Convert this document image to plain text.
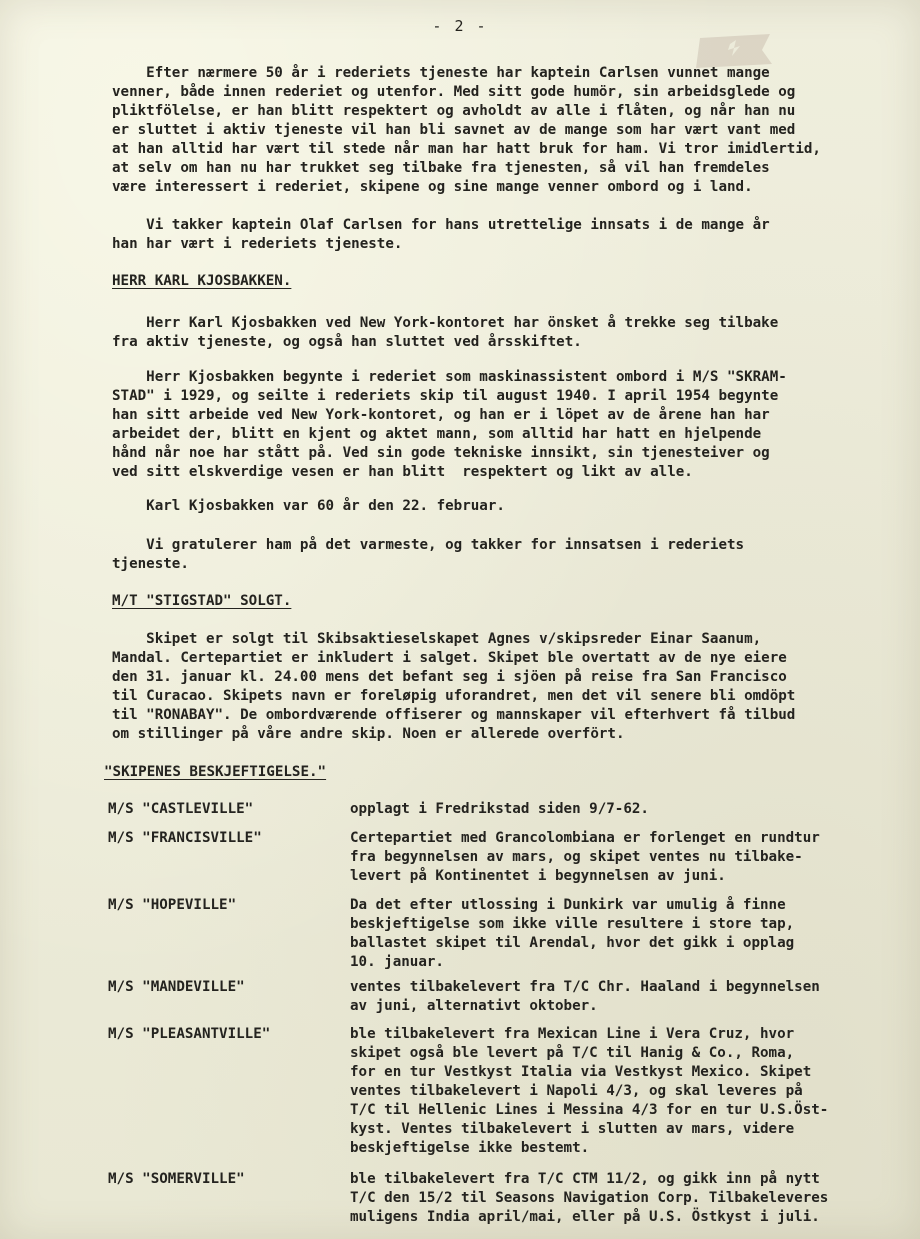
- 2 -
Efter nærmere 50 år i rederiets tjeneste har kaptein Carlsen vunnet mange
venner, både innen rederiet og utenfor. Med sitt gode humör, sin arbeidsglede og
pliktfölelse, er han blitt respektert og avholdt av alle i flåten, og når han nu
er sluttet i aktiv tjeneste vil han bli savnet av de mange som har vært vant med
at han alltid har vært til stede når man har hatt bruk for ham. Vi tror imidlertid,
at selv om han nu har trukket seg tilbake fra tjenesten, så vil han fremdeles
være interessert i rederiet, skipene og sine mange venner ombord og i land.
Vi takker kaptein Olaf Carlsen for hans utrettelige innsats i de mange år
han har vært i rederiets tjeneste.
HERR KARL KJOSBAKKEN.
Herr Karl Kjosbakken ved New York-kontoret har önsket å trekke seg tilbake
fra aktiv tjeneste, og også han sluttet ved årsskiftet.
Herr Kjosbakken begynte i rederiet som maskinassistent ombord i M/S "SKRAM-
STAD" i 1929, og seilte i rederiets skip til august 1940. I april 1954 begynte
han sitt arbeide ved New York-kontoret, og han er i löpet av de årene han har
arbeidet der, blitt en kjent og aktet mann, som alltid har hatt en hjelpende
hånd når noe har stått på. Ved sin gode tekniske innsikt, sin tjenesteiver og
ved sitt elskverdige vesen er han blitt  respektert og likt av alle.
Karl Kjosbakken var 60 år den 22. februar.
Vi gratulerer ham på det varmeste, og takker for innsatsen i rederiets
tjeneste.
M/T "STIGSTAD" SOLGT.
Skipet er solgt til Skibsaktieselskapet Agnes v/skipsreder Einar Saanum,
Mandal. Certepartiet er inkludert i salget. Skipet ble overtatt av de nye eiere
den 31. januar kl. 24.00 mens det befant seg i sjöen på reise fra San Francisco
til Curacao. Skipets navn er foreløpig uforandret, men det vil senere bli omdöpt
til "RONABAY". De ombordværende offiserer og mannskaper vil efterhvert få tilbud
om stillinger på våre andre skip. Noen er allerede overfört.
"SKIPENES BESKJEFTIGELSE."
M/S "CASTLEVILLE"	opplagt i Fredrikstad siden 9/7-62.
M/S "FRANCISVILLE"	Certepartiet med Grancolombiana er forlenget en rundtur
fra begynnelsen av mars, og skipet ventes nu tilbake-
levert på Kontinentet i begynnelsen av juni.
M/S "HOPEVILLE"	Da det efter utlossing i Dunkirk var umulig å finne
beskjeftigelse som ikke ville resultere i store tap,
ballastet skipet til Arendal, hvor det gikk i opplag
10. januar.
M/S "MANDEVILLE"	ventes tilbakelevert fra T/C Chr. Haaland i begynnelsen
av juni, alternativt oktober.
M/S "PLEASANTVILLE"	ble tilbakelevert fra Mexican Line i Vera Cruz, hvor
skipet også ble levert på T/C til Hanig & Co., Roma,
for en tur Vestkyst Italia via Vestkyst Mexico. Skipet
ventes tilbakelevert i Napoli 4/3, og skal leveres på
T/C til Hellenic Lines i Messina 4/3 for en tur U.S.Öst-
kyst. Ventes tilbakelevert i slutten av mars, videre
beskjeftigelse ikke bestemt.
M/S "SOMERVILLE"	ble tilbakelevert fra T/C CTM 11/2, og gikk inn på nytt
T/C den 15/2 til Seasons Navigation Corp. Tilbakeleveres
muligens India april/mai, eller på U.S. Östkyst i juli.
